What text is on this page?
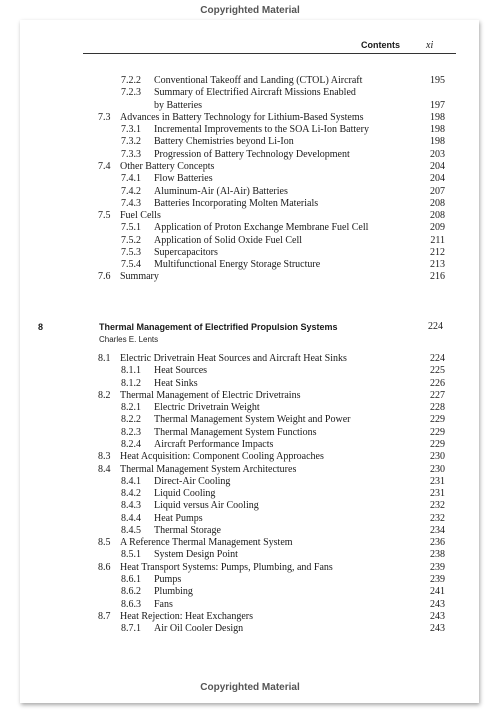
Copyrighted Material
Contents	xi
7.2.2 Conventional Takeoff and Landing (CTOL) Aircraft	195
7.2.3 Summary of Electrified Aircraft Missions Enabled
by Batteries	197
7.3 Advances in Battery Technology for Lithium-Based Systems	198
7.3.1 Incremental Improvements to the SOA Li-Ion Battery	198
7.3.2 Battery Chemistries beyond Li-Ion	198
7.3.3 Progression of Battery Technology Development	203
7.4 Other Battery Concepts	204
7.4.1 Flow Batteries	204
7.4.2 Aluminum-Air (Al-Air) Batteries	207
7.4.3 Batteries Incorporating Molten Materials	208
7.5 Fuel Cells	208
7.5.1 Application of Proton Exchange Membrane Fuel Cell	209
7.5.2 Application of Solid Oxide Fuel Cell	211
7.5.3 Supercapacitors	212
7.5.4 Multifunctional Energy Storage Structure	213
7.6 Summary	216
8	Thermal Management of Electrified Propulsion Systems	224
Charles E. Lents
8.1 Electric Drivetrain Heat Sources and Aircraft Heat Sinks	224
8.1.1 Heat Sources	225
8.1.2 Heat Sinks	226
8.2 Thermal Management of Electric Drivetrains	227
8.2.1 Electric Drivetrain Weight	228
8.2.2 Thermal Management System Weight and Power	229
8.2.3 Thermal Management System Functions	229
8.2.4 Aircraft Performance Impacts	229
8.3 Heat Acquisition: Component Cooling Approaches	230
8.4 Thermal Management System Architectures	230
8.4.1 Direct-Air Cooling	231
8.4.2 Liquid Cooling	231
8.4.3 Liquid versus Air Cooling	232
8.4.4 Heat Pumps	232
8.4.5 Thermal Storage	234
8.5 A Reference Thermal Management System	236
8.5.1 System Design Point	238
8.6 Heat Transport Systems: Pumps, Plumbing, and Fans	239
8.6.1 Pumps	239
8.6.2 Plumbing	241
8.6.3 Fans	243
8.7 Heat Rejection: Heat Exchangers	243
8.7.1 Air Oil Cooler Design	243
Copyrighted Material
